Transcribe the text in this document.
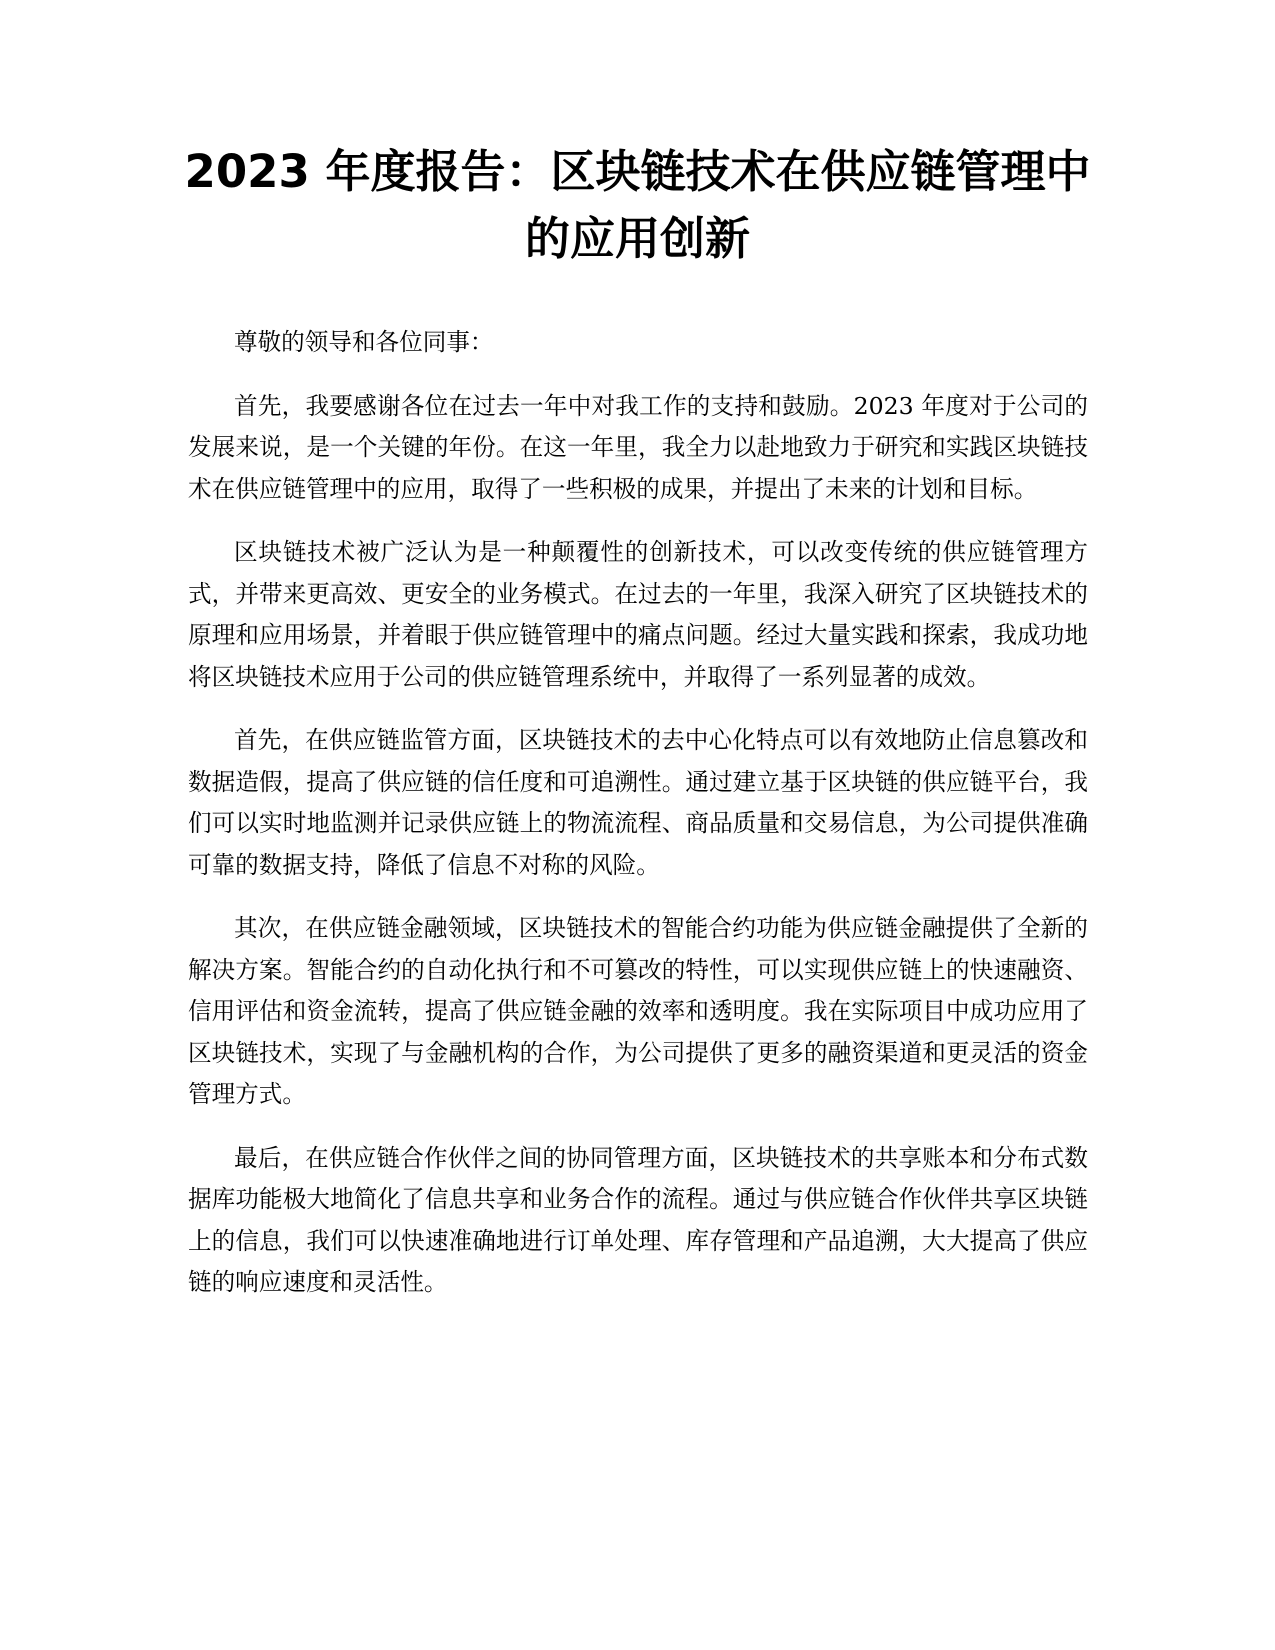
2023 年度报告：区块链技术在供应链管理中
的应用创新

尊敬的领导和各位同事：

首先，我要感谢各位在过去一年中对我工作的支持和鼓励。2023 年度对于公司的发展来说，是一个关键的年份。在这一年里，我全力以赴地致力于研究和实践区块链技术在供应链管理中的应用，取得了一些积极的成果，并提出了未来的计划和目标。

区块链技术被广泛认为是一种颠覆性的创新技术，可以改变传统的供应链管理方式，并带来更高效、更安全的业务模式。在过去的一年里，我深入研究了区块链技术的原理和应用场景，并着眼于供应链管理中的痛点问题。经过大量实践和探索，我成功地将区块链技术应用于公司的供应链管理系统中，并取得了一系列显著的成效。

首先，在供应链监管方面，区块链技术的去中心化特点可以有效地防止信息篡改和数据造假，提高了供应链的信任度和可追溯性。通过建立基于区块链的供应链平台，我们可以实时地监测并记录供应链上的物流流程、商品质量和交易信息，为公司提供准确可靠的数据支持，降低了信息不对称的风险。

其次，在供应链金融领域，区块链技术的智能合约功能为供应链金融提供了全新的解决方案。智能合约的自动化执行和不可篡改的特性，可以实现供应链上的快速融资、信用评估和资金流转，提高了供应链金融的效率和透明度。我在实际项目中成功应用了区块链技术，实现了与金融机构的合作，为公司提供了更多的融资渠道和更灵活的资金管理方式。

最后，在供应链合作伙伴之间的协同管理方面，区块链技术的共享账本和分布式数据库功能极大地简化了信息共享和业务合作的流程。通过与供应链合作伙伴共享区块链上的信息，我们可以快速准确地进行订单处理、库存管理和产品追溯，大大提高了供应链的响应速度和灵活性。
